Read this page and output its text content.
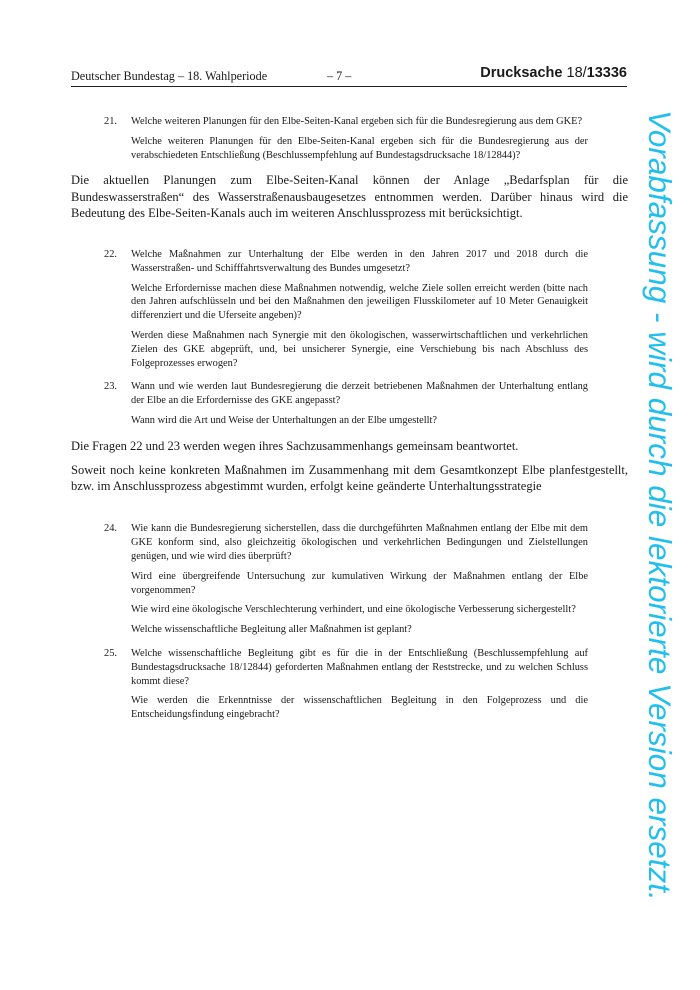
Deutscher Bundestag – 18. Wahlperiode	– 7 –	Drucksache 18/13336
21. Welche weiteren Planungen für den Elbe-Seiten-Kanal ergeben sich für die Bundesregierung aus dem GKE?

Welche weiteren Planungen für den Elbe-Seiten-Kanal ergeben sich für die Bundesregierung aus der verabschiedeten Entschließung (Beschlussempfehlung auf Bundestagsdrucksache 18/12844)?

Die aktuellen Planungen zum Elbe-Seiten-Kanal können der Anlage „Bedarfsplan für die Bundeswasserstraßen“ des Wasserstraßenausbaugesetzes entnommen werden. Darüber hinaus wird die Bedeutung des Elbe-Seiten-Kanals auch im weiteren Anschlussprozess mit berücksichtigt.

22. Welche Maßnahmen zur Unterhaltung der Elbe werden in den Jahren 2017 und 2018 durch die Wasserstraßen- und Schifffahrtsverwaltung des Bundes umgesetzt?

Welche Erfordernisse machen diese Maßnahmen notwendig, welche Ziele sollen erreicht werden (bitte nach den Jahren aufschlüsseln und bei den Maßnahmen den jeweiligen Flusskilometer auf 10 Meter Genauigkeit differenziert und die Uferseite angeben)?

Werden diese Maßnahmen nach Synergie mit den ökologischen, wasserwirtschaftlichen und verkehrlichen Zielen des GKE abgeprüft, und, bei unsicherer Synergie, eine Verschiebung bis nach Abschluss des Folgeprozesses erwogen?

23. Wann und wie werden laut Bundesregierung die derzeit betriebenen Maßnahmen der Unterhaltung entlang der Elbe an die Erfordernisse des GKE angepasst?

Wann wird die Art und Weise der Unterhaltungen an der Elbe umgestellt?

Die Fragen 22 und 23 werden wegen ihres Sachzusammenhangs gemeinsam beantwortet.

Soweit noch keine konkreten Maßnahmen im Zusammenhang mit dem Gesamtkonzept Elbe planfestgestellt, bzw. im Anschlussprozess abgestimmt wurden, erfolgt keine geänderte Unterhaltungsstrategie

24. Wie kann die Bundesregierung sicherstellen, dass die durchgeführten Maßnahmen entlang der Elbe mit dem GKE konform sind, also gleichzeitig ökologischen und verkehrlichen Bedingungen und Zielstellungen genügen, und wie wird dies überprüft?

Wird eine übergreifende Untersuchung zur kumulativen Wirkung der Maßnahmen entlang der Elbe vorgenommen?

Wie wird eine ökologische Verschlechterung verhindert, und eine ökologische Verbesserung sichergestellt?

Welche wissenschaftliche Begleitung aller Maßnahmen ist geplant?

25. Welche wissenschaftliche Begleitung gibt es für die in der Entschließung (Beschlussempfehlung auf Bundestagsdrucksache 18/12844) geforderten Maßnahmen entlang der Reststrecke, und zu welchen Schluss kommt diese?

Wie werden die Erkenntnisse der wissenschaftlichen Begleitung in den Folgeprozess und die Entscheidungsfindung eingebracht?	Vorabfassung - wird durch die lektorierte Version ersetzt.
